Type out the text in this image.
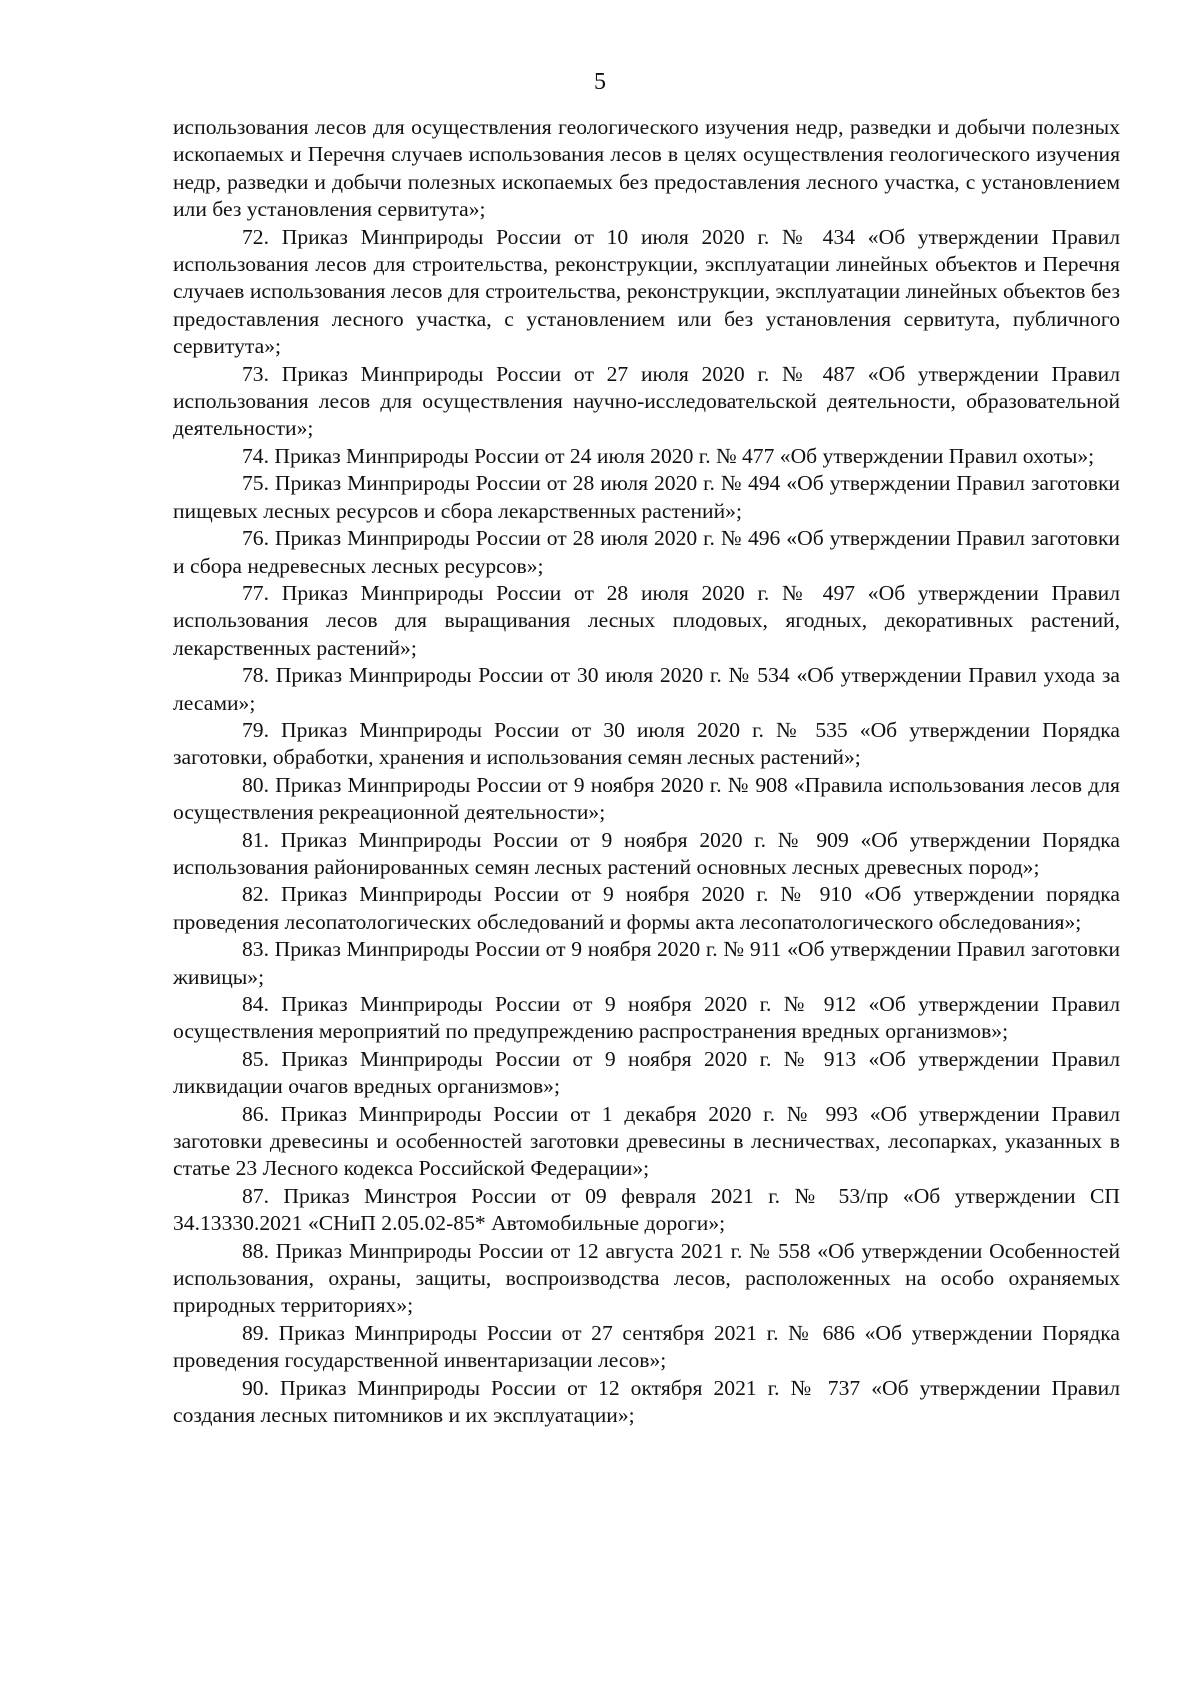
5

использования лесов для осуществления геологического изучения недр, разведки и добычи полезных ископаемых и Перечня случаев использования лесов в целях осуществления геологического изучения недр, разведки и добычи полезных ископаемых без предоставления лесного участка, с установлением или без установления сервитута»;

72. Приказ Минприроды России от 10 июля 2020 г. № 434 «Об утверждении Правил использования лесов для строительства, реконструкции, эксплуатации линейных объектов и Перечня случаев использования лесов для строительства, реконструкции, эксплуатации линейных объектов без предоставления лесного участка, с установлением или без установления сервитута, публичного сервитута»;

73. Приказ Минприроды России от 27 июля 2020 г. № 487 «Об утверждении Правил использования лесов для осуществления научно-исследовательской деятельности, образовательной деятельности»;

74. Приказ Минприроды России от 24 июля 2020 г. № 477 «Об утверждении Правил охоты»;

75. Приказ Минприроды России от 28 июля 2020 г. № 494 «Об утверждении Правил заготовки пищевых лесных ресурсов и сбора лекарственных растений»;

76. Приказ Минприроды России от 28 июля 2020 г. № 496 «Об утверждении Правил заготовки и сбора недревесных лесных ресурсов»;

77. Приказ Минприроды России от 28 июля 2020 г. № 497 «Об утверждении Правил использования лесов для выращивания лесных плодовых, ягодных, декоративных растений, лекарственных растений»;

78. Приказ Минприроды России от 30 июля 2020 г. № 534 «Об утверждении Правил ухода за лесами»;

79. Приказ Минприроды России от 30 июля 2020 г. № 535 «Об утверждении Порядка заготовки, обработки, хранения и использования семян лесных растений»;

80. Приказ Минприроды России от 9 ноября 2020 г. № 908 «Правила использования лесов для осуществления рекреационной деятельности»;

81. Приказ Минприроды России от 9 ноября 2020 г. № 909 «Об утверждении Порядка использования районированных семян лесных растений основных лесных древесных пород»;

82. Приказ Минприроды России от 9 ноября 2020 г. № 910 «Об утверждении порядка проведения лесопатологических обследований и формы акта лесопатологического обследования»;

83. Приказ Минприроды России от 9 ноября 2020 г. № 911 «Об утверждении Правил заготовки живицы»;

84. Приказ Минприроды России от 9 ноября 2020 г. № 912 «Об утверждении Правил осуществления мероприятий по предупреждению распространения вредных организмов»;

85. Приказ Минприроды России от 9 ноября 2020 г. № 913 «Об утверждении Правил ликвидации очагов вредных организмов»;

86. Приказ Минприроды России от 1 декабря 2020 г. № 993 «Об утверждении Правил заготовки древесины и особенностей заготовки древесины в лесничествах, лесопарках, указанных в статье 23 Лесного кодекса Российской Федерации»;

87. Приказ Минстроя России от 09 февраля 2021 г. № 53/пр «Об утверждении СП 34.13330.2021 «СНиП 2.05.02-85* Автомобильные дороги»;

88. Приказ Минприроды России от 12 августа 2021 г. № 558 «Об утверждении Особенностей использования, охраны, защиты, воспроизводства лесов, расположенных на особо охраняемых природных территориях»;

89. Приказ Минприроды России от 27 сентября 2021 г. № 686 «Об утверждении Порядка проведения государственной инвентаризации лесов»;

90. Приказ Минприроды России от 12 октября 2021 г. № 737 «Об утверждении Правил создания лесных питомников и их эксплуатации»;
